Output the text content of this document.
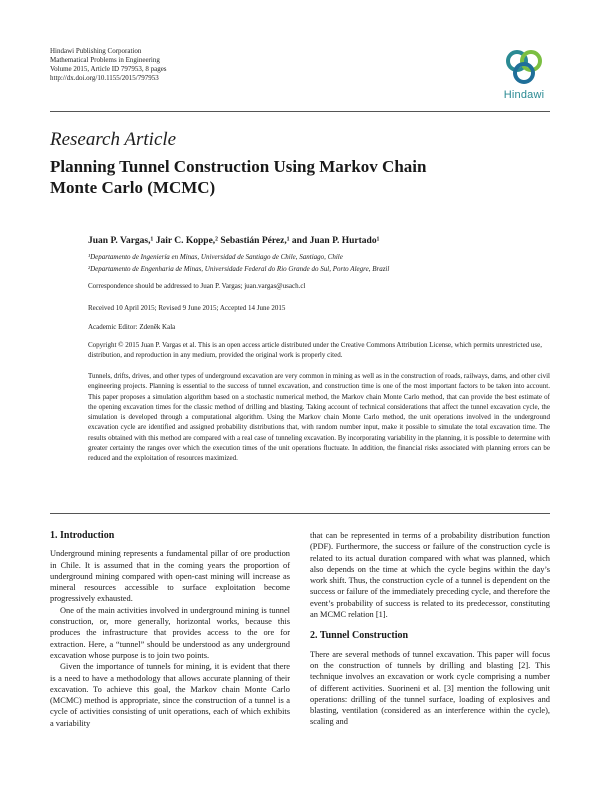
Hindawi Publishing Corporation
Mathematical Problems in Engineering
Volume 2015, Article ID 797953, 8 pages
http://dx.doi.org/10.1155/2015/797953
Hindawi
Research Article
Planning Tunnel Construction Using Markov Chain Monte Carlo (MCMC)
Juan P. Vargas,¹ Jair C. Koppe,² Sebastián Pérez,¹ and Juan P. Hurtado¹
¹Departamento de Ingeniería en Minas, Universidad de Santiago de Chile, Santiago, Chile
²Departamento de Engenharia de Minas, Universidade Federal do Rio Grande do Sul, Porto Alegre, Brazil
Correspondence should be addressed to Juan P. Vargas; juan.vargas@usach.cl
Received 10 April 2015; Revised 9 June 2015; Accepted 14 June 2015
Academic Editor: Zdeněk Kala
Copyright © 2015 Juan P. Vargas et al. This is an open access article distributed under the Creative Commons Attribution License, which permits unrestricted use, distribution, and reproduction in any medium, provided the original work is properly cited.
Tunnels, drifts, drives, and other types of underground excavation are very common in mining as well as in the construction of roads, railways, dams, and other civil engineering projects. Planning is essential to the success of tunnel excavation, and construction time is one of the most important factors to be taken into account. This paper proposes a simulation algorithm based on a stochastic numerical method, the Markov chain Monte Carlo method, that can provide the best estimate of the opening excavation times for the classic method of drilling and blasting. Taking account of technical considerations that affect the tunnel excavation cycle, the simulation is developed through a computational algorithm. Using the Markov chain Monte Carlo method, the unit operations involved in the underground excavation cycle are identified and assigned probability distributions that, with random number input, make it possible to simulate the total excavation time. The results obtained with this method are compared with a real case of tunneling excavation. By incorporating variability in the planning, it is possible to determine with greater certainty the ranges over which the execution times of the unit operations fluctuate. In addition, the financial risks associated with planning errors can be reduced and the exploitation of resources maximized.
1. Introduction

Underground mining represents a fundamental pillar of ore production in Chile. It is assumed that in the coming years the proportion of underground mining compared with open-cast mining will increase as mineral resources accessible to surface exploitation become progressively exhausted.

One of the main activities involved in underground mining is tunnel construction, or, more generally, horizontal works, because this produces the infrastructure that provides access to the ore for extraction. Here, a “tunnel” should be understood as any underground excavation whose purpose is to join two points.

Given the importance of tunnels for mining, it is evident that there is a need to have a methodology that allows accurate planning of their excavation. To achieve this goal, the Markov chain Monte Carlo (MCMC) method is appropriate, since the construction of a tunnel is a cycle of activities consisting of unit operations, each of which exhibits a variability

that can be represented in terms of a probability distribution function (PDF). Furthermore, the success or failure of the construction cycle is related to its actual duration compared with what was planned, which also depends on the time at which the cycle begins within the day’s work shift. Thus, the construction cycle of a tunnel is dependent on the success or failure of the immediately preceding cycle, and therefore the event’s probability of success is related to its predecessor, constituting an MCMC relation [1].

2. Tunnel Construction

There are several methods of tunnel excavation. This paper will focus on the construction of tunnels by drilling and blasting [2]. This technique involves an excavation or work cycle comprising a number of different activities. Suorineni et al. [3] mention the following unit operations: drilling of the tunnel surface, loading of explosives and blasting, ventilation (considered as an interference within the cycle), scaling and
